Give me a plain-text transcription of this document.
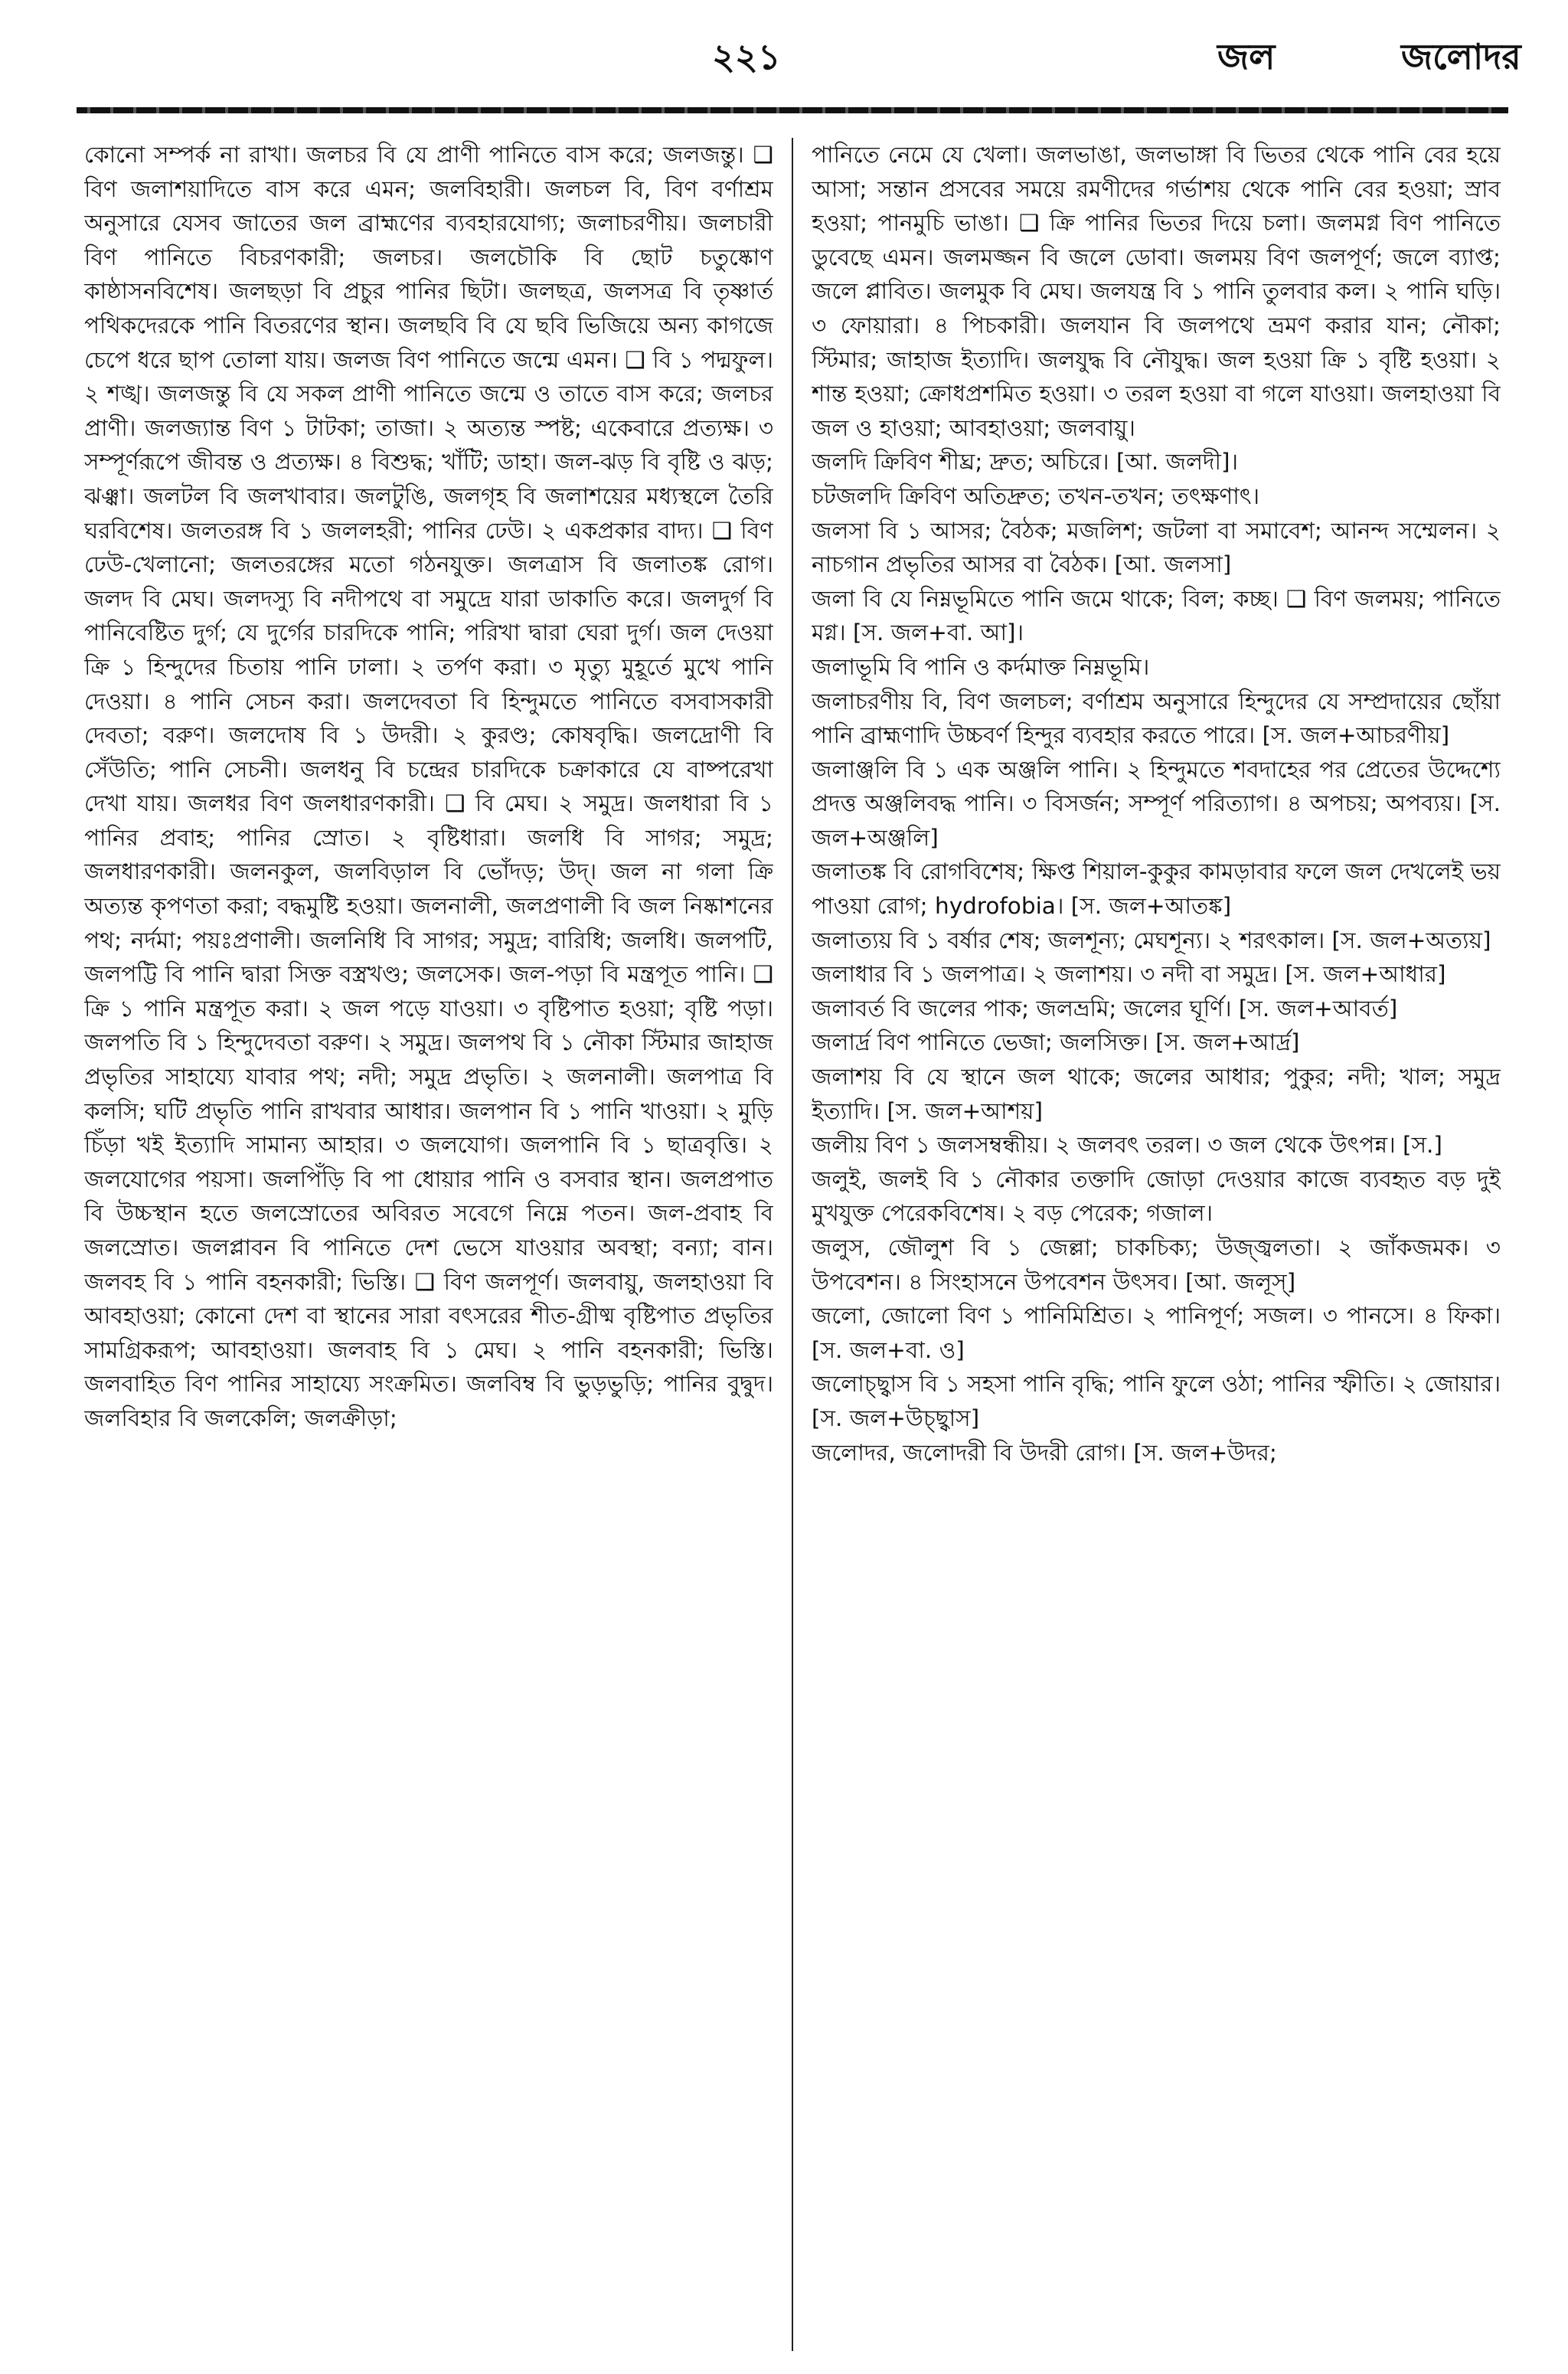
২২১	জল	জলোদর

কোনো সম্পর্ক না রাখা। জলচর বি যে প্রাণী পানিতে বাস করে; জলজন্তু। ❑ বিণ জলাশয়াদিতে বাস করে এমন; জলবিহারী। জলচল বি, বিণ বর্ণাশ্রম অনুসারে যেসব জাতের জল ব্রাহ্মণের ব্যবহারযোগ্য; জলাচরণীয়। জলচারী বিণ পানিতে বিচরণকারী; জলচর। জলচৌকি বি ছোট চতুষ্কোণ কাষ্ঠাসনবিশেষ। জলছড়া বি প্রচুর পানির ছিটা। জলছত্র, জলসত্র বি তৃষ্ণার্ত পথিকদেরকে পানি বিতরণের স্থান। জলছবি বি যে ছবি ভিজিয়ে অন্য কাগজে চেপে ধরে ছাপ তোলা যায়। জলজ বিণ পানিতে জন্মে এমন। ❑ বি ১ পদ্মফুল। ২ শঙ্খ। জলজন্তু বি যে সকল প্রাণী পানিতে জন্মে ও তাতে বাস করে; জলচর প্রাণী। জলজ্যান্ত বিণ ১ টাটকা; তাজা। ২ অত্যন্ত স্পষ্ট; একেবারে প্রত্যক্ষ। ৩ সম্পূর্ণরূপে জীবন্ত ও প্রত্যক্ষ। ৪ বিশুদ্ধ; খাঁটি; ডাহা। জল-ঝড় বি বৃষ্টি ও ঝড়; ঝঞ্ঝা। জলটল বি জলখাবার। জলটুঙি, জলগৃহ বি জলাশয়ের মধ্যস্থলে তৈরি ঘরবিশেষ। জলতরঙ্গ বি ১ জললহরী; পানির ঢেউ। ২ একপ্রকার বাদ্য। ❑ বিণ ঢেউ-খেলানো; জলতরঙ্গের মতো গঠনযুক্ত। জলত্রাস বি জলাতঙ্ক রোগ। জলদ বি মেঘ। জলদস্যু বি নদীপথে বা সমুদ্রে যারা ডাকাতি করে। জলদুর্গ বি পানিবেষ্টিত দুর্গ; যে দুর্গের চারদিকে পানি; পরিখা দ্বারা ঘেরা দুর্গ। জল দেওয়া ক্রি ১ হিন্দুদের চিতায় পানি ঢালা। ২ তর্পণ করা। ৩ মৃত্যু মুহূর্তে মুখে পানি দেওয়া। ৪ পানি সেচন করা। জলদেবতা বি হিন্দুমতে পানিতে বসবাসকারী দেবতা; বরুণ। জলদোষ বি ১ উদরী। ২ কুরণ্ড; কোষবৃদ্ধি। জলদ্রোণী বি সেঁউতি; পানি সেচনী। জলধনু বি চন্দ্রের চারদিকে চক্রাকারে যে বাষ্পরেখা দেখা যায়। জলধর বিণ জলধারণকারী। ❑ বি মেঘ। ২ সমুদ্র। জলধারা বি ১ পানির প্রবাহ; পানির স্রোত। ২ বৃষ্টিধারা। জলধি বি সাগর; সমুদ্র; জলধারণকারী। জলনকুল, জলবিড়াল বি ভোঁদড়; উদ্‌। জল না গলা ক্রি অত্যন্ত কৃপণতা করা; বদ্ধমুষ্টি হওয়া। জলনালী, জলপ্রণালী বি জল নিষ্কাশনের পথ; নর্দমা; পয়ঃপ্রণালী। জলনিধি বি সাগর; সমুদ্র; বারিধি; জলধি। জলপটি, জলপট্টি বি পানি দ্বারা সিক্ত বস্ত্রখণ্ড; জলসেক। জল-পড়া বি মন্ত্রপূত পানি। ❑ ক্রি ১ পানি মন্ত্রপূত করা। ২ জল পড়ে যাওয়া। ৩ বৃষ্টিপাত হওয়া; বৃষ্টি পড়া। জলপতি বি ১ হিন্দুদেবতা বরুণ। ২ সমুদ্র। জলপথ বি ১ নৌকা স্টিমার জাহাজ প্রভৃতির সাহায্যে যাবার পথ; নদী; সমুদ্র প্রভৃতি। ২ জলনালী। জলপাত্র বি কলসি; ঘটি প্রভৃতি পানি রাখবার আধার। জলপান বি ১ পানি খাওয়া। ২ মুড়ি চিঁড়া খই ইত্যাদি সামান্য আহার। ৩ জলযোগ। জলপানি বি ১ ছাত্রবৃত্তি। ২ জলযোগের পয়সা। জলপিঁড়ি বি পা ধোয়ার পানি ও বসবার স্থান। জলপ্রপাত বি উচ্চস্থান হতে জলস্রোতের অবিরত সবেগে নিম্নে পতন। জল-প্রবাহ বি জলস্রোত। জলপ্লাবন বি পানিতে দেশ ভেসে যাওয়ার অবস্থা; বন্যা; বান। জলবহ বি ১ পানি বহনকারী; ভিস্তি। ❑ বিণ জলপূর্ণ। জলবায়ু, জলহাওয়া বি আবহাওয়া; কোনো দেশ বা স্থানের সারা বৎসরের শীত-গ্রীষ্ম বৃষ্টিপাত প্রভৃতির সামগ্রিকরূপ; আবহাওয়া। জলবাহ বি ১ মেঘ। ২ পানি বহনকারী; ভিস্তি। জলবাহিত বিণ পানির সাহায্যে সংক্রমিত। জলবিম্ব বি ভুড়ভুড়ি; পানির বুদ্বুদ। জলবিহার বি জলকেলি; জলক্রীড়া;

পানিতে নেমে যে খেলা। জলভাঙা, জলভাঙ্গা বি ভিতর থেকে পানি বের হয়ে আসা; সন্তান প্রসবের সময়ে রমণীদের গর্ভাশয় থেকে পানি বের হওয়া; স্রাব হওয়া; পানমুচি ভাঙা। ❑ ক্রি পানির ভিতর দিয়ে চলা। জলমগ্ন বিণ পানিতে ডুবেছে এমন। জলমজ্জন বি জলে ডোবা। জলময় বিণ জলপূর্ণ; জলে ব্যাপ্ত; জলে প্লাবিত। জলমুক বি মেঘ। জলযন্ত্র বি ১ পানি তুলবার কল। ২ পানি ঘড়ি। ৩ ফোয়ারা। ৪ পিচকারী। জলযান বি জলপথে ভ্রমণ করার যান; নৌকা; স্টিমার; জাহাজ ইত্যাদি। জলযুদ্ধ বি নৌযুদ্ধ। জল হওয়া ক্রি ১ বৃষ্টি হওয়া। ২ শান্ত হওয়া; ক্রোধপ্রশমিত হওয়া। ৩ তরল হওয়া বা গলে যাওয়া। জলহাওয়া বি জল ও হাওয়া; আবহাওয়া; জলবায়ু।

জলদি ক্রিবিণ শীঘ্র; দ্রুত; অচিরে। [আ. জলদী]।

চটজলদি ক্রিবিণ অতিদ্রুত; তখন-তখন; তৎক্ষণাৎ।

জলসা বি ১ আসর; বৈঠক; মজলিশ; জটলা বা সমাবেশ; আনন্দ সম্মেলন। ২ নাচগান প্রভৃতির আসর বা বৈঠক। [আ. জলসা]

জলা বি যে নিম্নভূমিতে পানি জমে থাকে; বিল; কচ্ছ। ❑ বিণ জলময়; পানিতে মগ্ন। [স. জল+বা. আ]।

জলাভূমি বি পানি ও কর্দমাক্ত নিম্নভূমি।

জলাচরণীয় বি, বিণ জলচল; বর্ণাশ্রম অনুসারে হিন্দুদের যে সম্প্রদায়ের ছোঁয়া পানি ব্রাহ্মণাদি উচ্চবর্ণ হিন্দুর ব্যবহার করতে পারে। [স. জল+আচরণীয়]

জলাঞ্জলি বি ১ এক অঞ্জলি পানি। ২ হিন্দুমতে শবদাহের পর প্রেতের উদ্দেশ্যে প্রদত্ত অঞ্জলিবদ্ধ পানি। ৩ বিসর্জন; সম্পূর্ণ পরিত্যাগ। ৪ অপচয়; অপব্যয়। [স. জল+অঞ্জলি]

জলাতঙ্ক বি রোগবিশেষ; ক্ষিপ্ত শিয়াল-কুকুর কামড়াবার ফলে জল দেখলেই ভয় পাওয়া রোগ; hydrofobia। [স. জল+আতঙ্ক]

জলাত্যয় বি ১ বর্ষার শেষ; জলশূন্য; মেঘশূন্য। ২ শরৎকাল। [স. জল+অত্যয়]

জলাধার বি ১ জলপাত্র। ২ জলাশয়। ৩ নদী বা সমুদ্র। [স. জল+আধার]

জলাবর্ত বি জলের পাক; জলভ্রমি; জলের ঘূর্ণি। [স. জল+আবর্ত]

জলার্দ্র বিণ পানিতে ভেজা; জলসিক্ত। [স. জল+আর্দ্র]

জলাশয় বি যে স্থানে জল থাকে; জলের আধার; পুকুর; নদী; খাল; সমুদ্র ইত্যাদি। [স. জল+আশয়]

জলীয় বিণ ১ জলসম্বন্ধীয়। ২ জলবৎ তরল। ৩ জল থেকে উৎপন্ন। [স.]

জলুই, জলই বি ১ নৌকার তক্তাদি জোড়া দেওয়ার কাজে ব্যবহৃত বড় দুই মুখযুক্ত পেরেকবিশেষ। ২ বড় পেরেক; গজাল।

জলুস, জৌলুশ বি ১ জেল্লা; চাকচিক্য; উজ্জ্বলতা। ২ জাঁকজমক। ৩ উপবেশন। ৪ সিংহাসনে উপবেশন উৎসব। [আ. জলূস্]

জলো, জোলো বিণ ১ পানিমিশ্রিত। ২ পানিপূর্ণ; সজল। ৩ পানসে। ৪ ফিকা। [স. জল+বা. ও]

জলোচ্ছ্বাস বি ১ সহসা পানি বৃদ্ধি; পানি ফুলে ওঠা; পানির স্ফীতি। ২ জোয়ার। [স. জল+উচ্ছ্বাস]

জলোদর, জলোদরী বি উদরী রোগ। [স. জল+উদর;
